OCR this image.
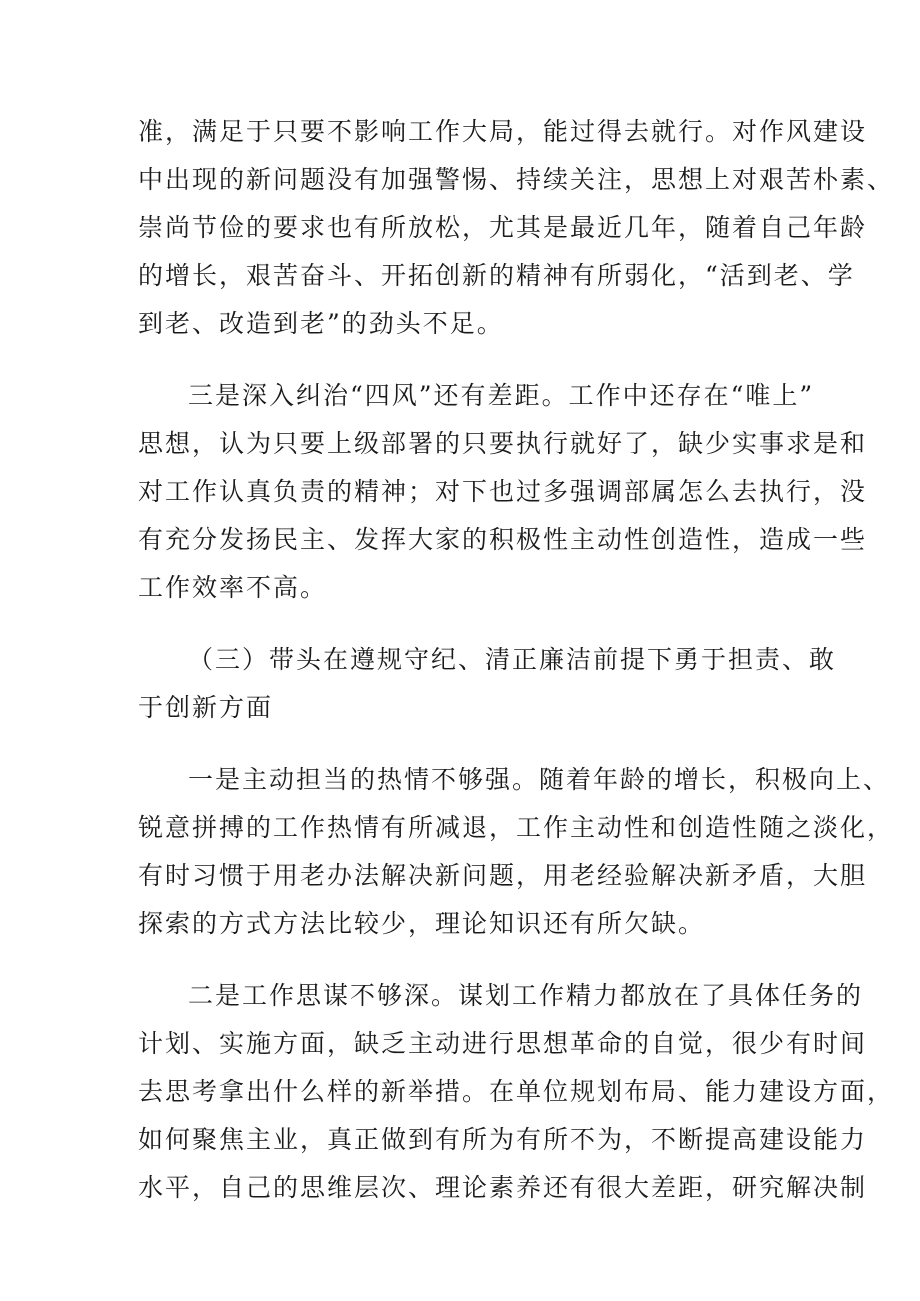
准，满足于只要不影响工作大局，能过得去就行。对作风建设
中出现的新问题没有加强警惕、持续关注，思想上对艰苦朴素、
崇尚节俭的要求也有所放松，尤其是最近几年，随着自己年龄
的增长，艰苦奋斗、开拓创新的精神有所弱化，“活到老、学
到老、改造到老”的劲头不足。

三是深入纠治“四风”还有差距。工作中还存在“唯上”
思想，认为只要上级部署的只要执行就好了，缺少实事求是和
对工作认真负责的精神；对下也过多强调部属怎么去执行，没
有充分发扬民主、发挥大家的积极性主动性创造性，造成一些
工作效率不高。

（三）带头在遵规守纪、清正廉洁前提下勇于担责、敢
于创新方面

一是主动担当的热情不够强。随着年龄的增长，积极向上、
锐意拼搏的工作热情有所减退，工作主动性和创造性随之淡化，
有时习惯于用老办法解决新问题，用老经验解决新矛盾，大胆
探索的方式方法比较少，理论知识还有所欠缺。

二是工作思谋不够深。谋划工作精力都放在了具体任务的
计划、实施方面，缺乏主动进行思想革命的自觉，很少有时间
去思考拿出什么样的新举措。在单位规划布局、能力建设方面，
如何聚焦主业，真正做到有所为有所不为，不断提高建设能力
水平，自己的思维层次、理论素养还有很大差距，研究解决制
